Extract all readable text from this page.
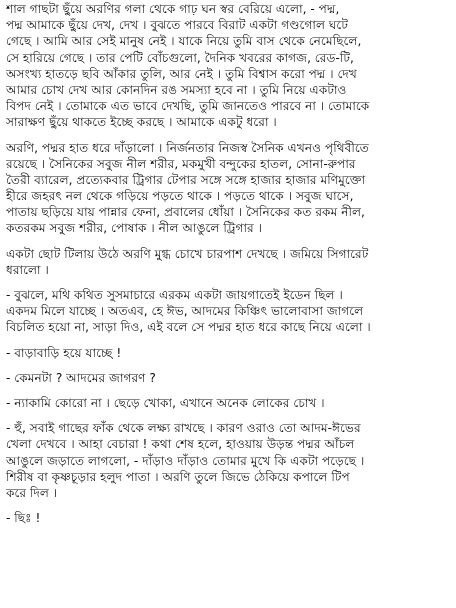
শাল গাছটা ছুঁয়ে অরণির গলা থেকে গাঢ় ঘন স্বর বেরিয়ে এলো, - পদ্ম,
পদ্ম আমাকে ছুঁয়ে দেখ, দেখ । বুঝতে পারবে বিরাট একটা গণ্ডগোল ঘটে
গেছে । আমি আর সেই মানুষ নেই । যাকে নিয়ে তুমি বাস থেকে নেমেছিলে,
সে হারিয়ে গেছে । তার পেটি বোঁচগুলো, দৈনিক খবরের কাগজ, রেড-টি,
অসংখ্য হাতড়ে ছবি আঁকার তুলি, আর নেই । তুমি বিশ্বাস করো পদ্ম । দেখ
আমার চোখ দেখ আর কোনদিন রঙ সমস্যা হবে না । তুমি নিয়ে একটাও
বিপদ নেই । তোমাকে এত ভাবে দেখছি, তুমি জানতেও পারবে না । তোমাকে
সারাক্ষণ ছুঁয়ে থাকতে ইচ্ছে করছে । আমাকে একটু ধরো ।
অরণি, পদ্মর হাত ধরে দাঁড়ালো । নির্জনতার নিজস্ব সৈনিক এখনও পৃথিবীতে
রয়েছে । সৈনিকের সবুজ নীল শরীর, মকমুখী বন্দুকের হাতল, সোনা-রুপার
তৈরী ব্যারেল, প্রত্যেকবার ট্রিগার টেপার সঙ্গে সঙ্গে হাজার হাজার মণিমুক্তো
হীরে জহরৎ নল থেকে গড়িয়ে পড়তে থাকে । পড়তে থাকে । সবুজ ঘাসে,
পাতায় ছড়িয়ে যায় পান্নার ফেনা, প্রবালের ধোঁয়া । সৈনিকের কত রকম নীল,
কতরকম সবুজ শরীর, পোষাক । নীল আঙুলে ট্রিগার ।
একটা ছোট টিলায় উঠে অরণি মুগ্ধ চোখে চারপাশ দেখছে । জমিয়ে সিগারেট
ধরালো ।
- বুঝলে, মথি কথিত সুসমাচারে এরকম একটা জায়গাতেই ইডেন ছিল ।
একদম মিলে যাচ্ছে । অতএব, হে ঈভ, আদমের কিঞ্চিৎ ভালোবাসা জাগলে
বিচলিত হয়ো না, সাড়া দিও, এই বলে সে পদ্মর হাত ধরে কাছে নিয়ে এলো ।
- বাড়াবাড়ি হয়ে যাচ্ছে !
- কেমনটা ? আদমের জাগরণ ?
- ন্যাকামি কোরো না । ছেড়ে খোকা, এখানে অনেক লোকের চোখ ।
- হুঁ, সবাই গাছের ফাঁক থেকে লক্ষ্য রাখছে । কারণ ওরাও তো আদম-ঈভের
খেলা দেখবে । আহা বেচারা ! কথা শেষ হলে, হাওয়ায় উড়ন্ত পদ্মর আঁচল
আঙুলে জড়াতে লাগলো, - দাঁড়াও দাঁড়াও তোমার মুখে কি একটা পড়েছে ।
শিরীষ বা কৃষ্ণচূড়ার হলুদ পাতা । অরণি তুলে জিভে ঠেকিয়ে কপালে টিপ
করে দিল ।
- ছিঃ !
